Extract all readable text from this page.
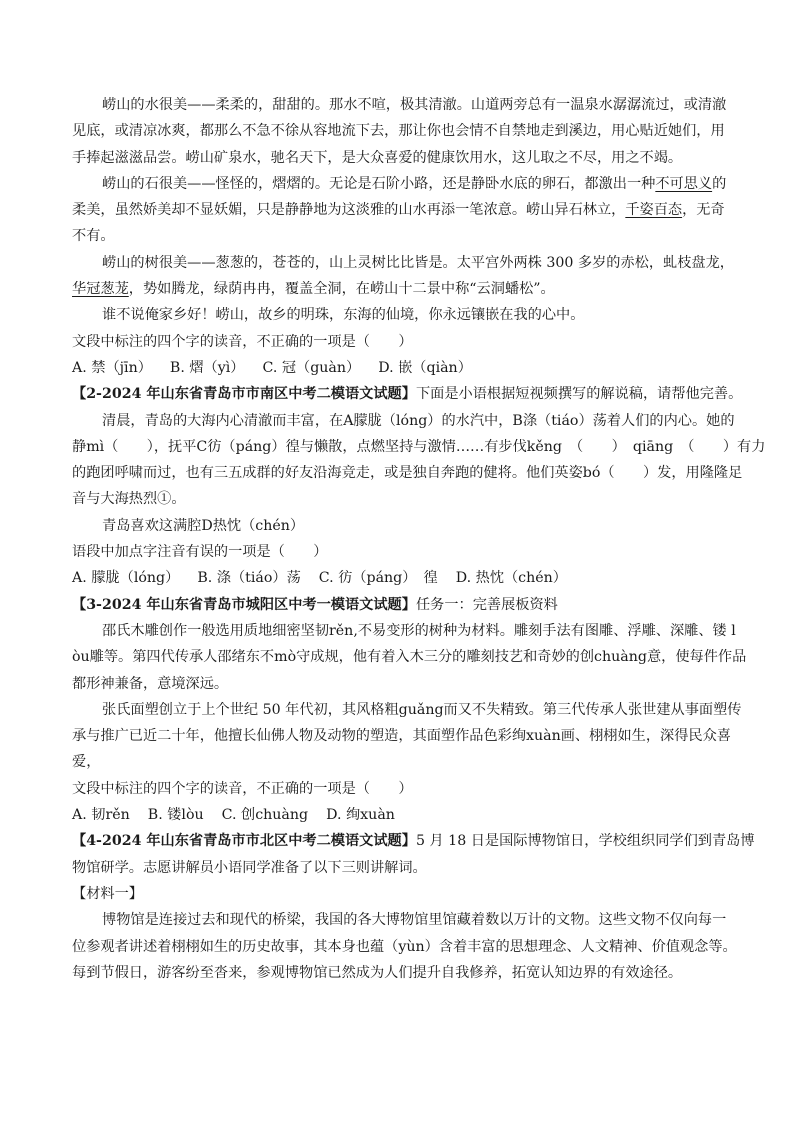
崂山的水很美——柔柔的，甜甜的。那水不喧，极其清澈。山道两旁总有一温泉水潺潺流过，或清澈

见底，或清凉冰爽，都那么不急不徐从容地流下去，那让你也会情不自禁地走到溪边，用心贴近她们，用

手捧起滋滋品尝。崂山矿泉水，驰名天下，是大众喜爱的健康饮用水，这儿取之不尽，用之不竭。

崂山的石很美——怪怪的，熠熠的。无论是石阶小路，还是静卧水底的卵石，都激出一种不可思义的

柔美，虽然娇美却不显妖媚，只是静静地为这淡雅的山水再添一笔浓意。崂山异石林立，千姿百态，无奇

不有。

崂山的树很美——葱葱的，苍苍的，山上灵树比比皆是。太平宫外两株 300 多岁的赤松，虬枝盘龙，

华冠葱茏，势如腾龙，绿荫冉冉，覆盖全洞，在崂山十二景中称“云洞蟠松”。

谁不说俺家乡好！崂山，故乡的明珠，东海的仙境，你永远镶嵌在我的心中。

文段中标注的四个字的读音，不正确的一项是（　　）

A. 禁（jīn） B. 熠（yì） C. 冠（guàn） D. 嵌（qiàn）

【2-2024 年山东省青岛市市南区中考二模语文试题】下面是小语根据短视频撰写的解说稿，请帮他完善。

清晨，青岛的大海内心清澈而丰富，在A朦胧（lóng）的水汽中，B涤（tiáo）荡着人们的内心。她的

静mì（　　），抚平C彷（páng）徨与懒散，点燃坚持与激情……有步伐kěng　（　　）　qiāng　（　　）有力

的跑团呼啸而过，也有三五成群的好友沿海竞走，或是独自奔跑的健将。他们英姿bó（　　）发，用隆隆足

音与大海热烈①。

青岛喜欢这满腔D热忱（chén）

语段中加点字注音有误的一项是（　　）

A. 朦胧（lóng） B. 涤（tiáo）荡 C. 彷（páng）　徨 D. 热忱（chén）

【3-2024 年山东省青岛市城阳区中考一模语文试题】任务一：完善展板资料

邵氏木雕创作一般选用质地细密坚韧rěn,不易变形的树种为材料。雕刻手法有图雕、浮雕、深雕、镂 l

òu雕等。第四代传承人邵绪东不mò守成规，他有着入木三分的雕刻技艺和奇妙的创chuàng意，使每件作品

都形神兼备，意境深远。

张氏面塑创立于上个世纪 50 年代初，其风格粗guǎng而又不失精致。第三代传承人张世建从事面塑传

承与推广已近二十年，他擅长仙佛人物及动物的塑造，其面塑作品色彩绚xuàn画、栩栩如生，深得民众喜

爱，

文段中标注的四个字的读音，不正确的一项是（　　）

A. 韧rěn B. 镂lòu C. 创chuàng D. 绚xuàn

【4-2024 年山东省青岛市市北区中考二模语文试题】5 月 18 日是国际博物馆日，学校组织同学们到青岛博

物馆研学。志愿讲解员小语同学准备了以下三则讲解词。

【材料一】

博物馆是连接过去和现代的桥梁，我国的各大博物馆里馆藏着数以万计的文物。这些文物不仅向每一

位参观者讲述着栩栩如生的历史故事，其本身也蕴（yùn）含着丰富的思想理念、人文精神、价值观念等。

每到节假日，游客纷至沓来，参观博物馆已然成为人们提升自我修养，拓宽认知边界的有效途径。
